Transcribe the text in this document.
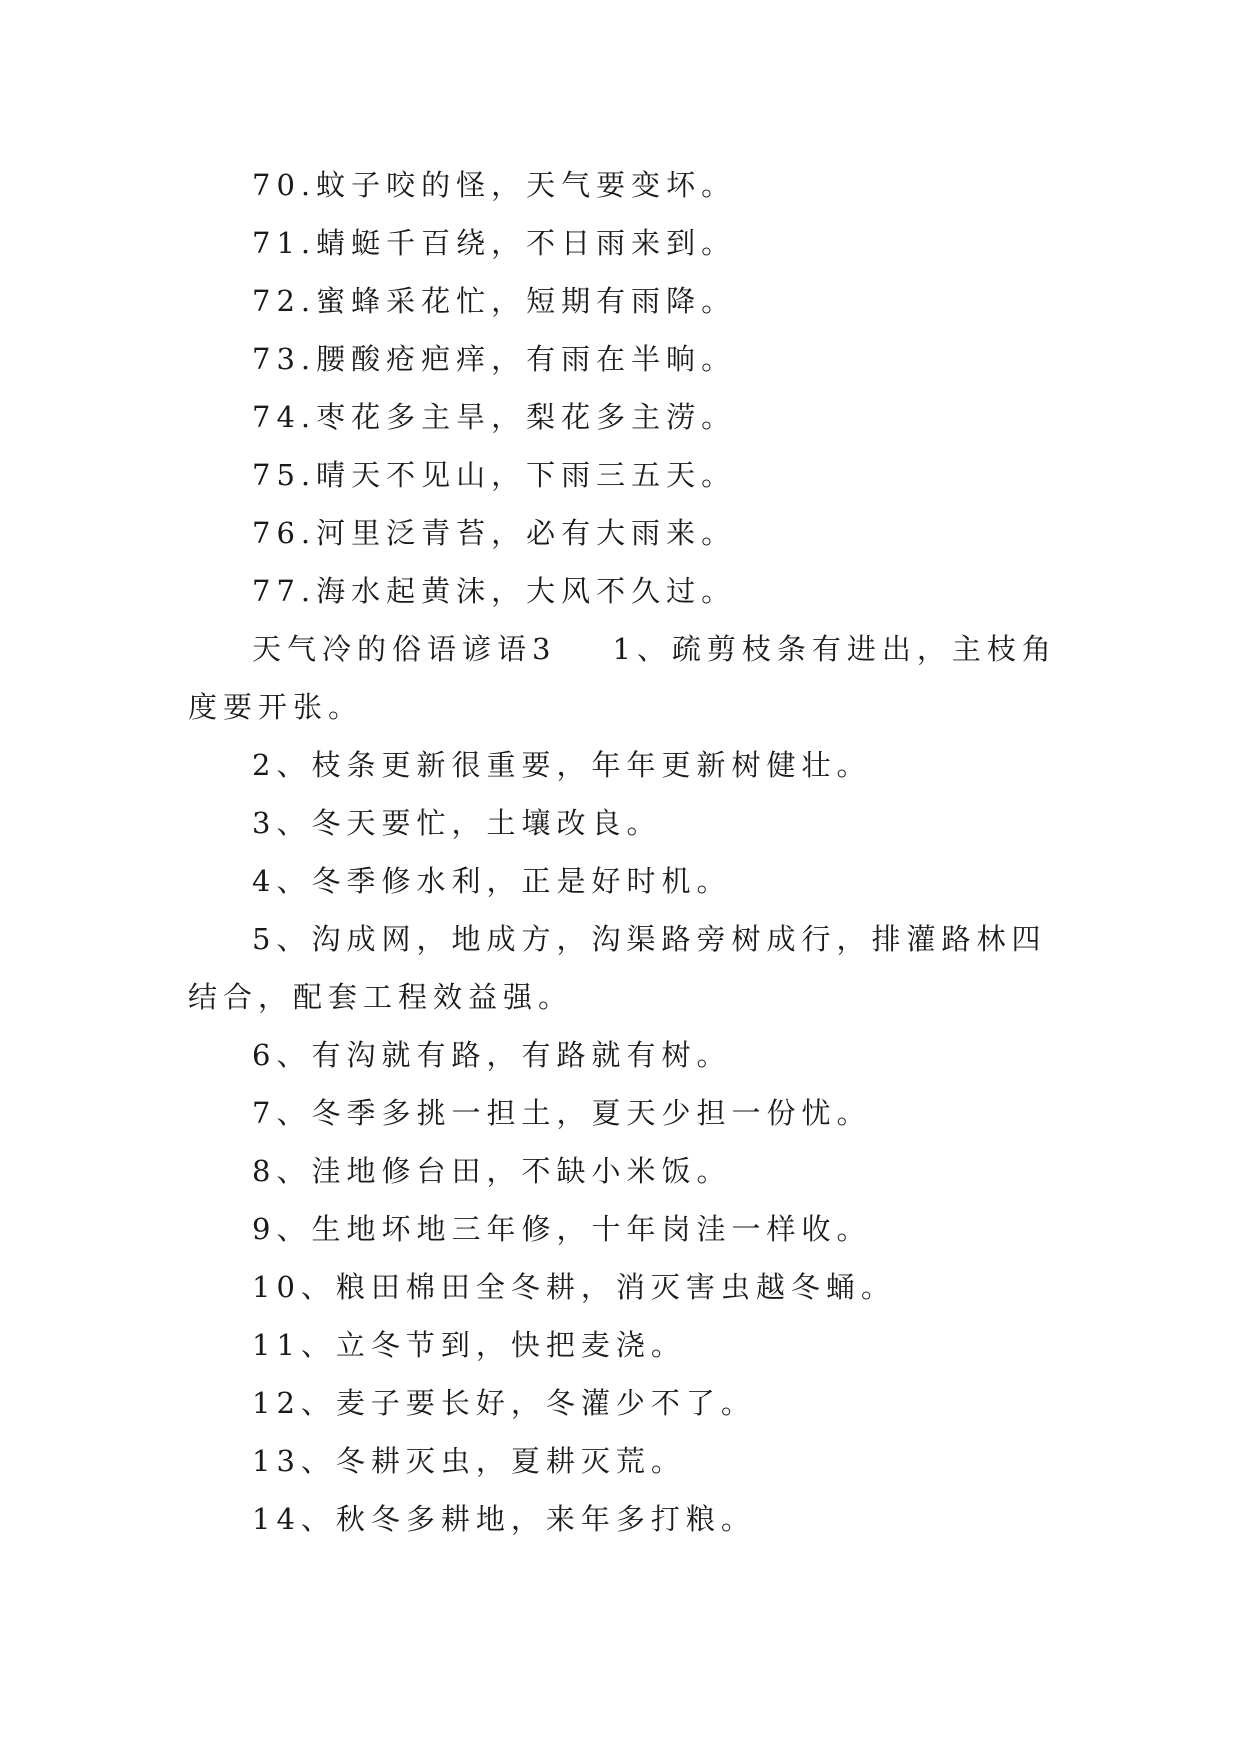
70.蚊子咬的怪，天气要变坏。

71.蜻蜓千百绕，不日雨来到。

72.蜜蜂采花忙，短期有雨降。

73.腰酸疮疤痒，有雨在半晌。

74.枣花多主旱，梨花多主涝。

75.晴天不见山，下雨三五天。

76.河里泛青苔，必有大雨来。

77.海水起黄沫，大风不久过。

天气冷的俗语谚语3 1、疏剪枝条有进出，主枝角度要开张。

2、枝条更新很重要，年年更新树健壮。

3、冬天要忙，土壤改良。

4、冬季修水利，正是好时机。

5、沟成网，地成方，沟渠路旁树成行，排灌路林四结合，配套工程效益强。

6、有沟就有路，有路就有树。

7、冬季多挑一担土，夏天少担一份忧。

8、洼地修台田，不缺小米饭。

9、生地坏地三年修，十年岗洼一样收。

10、粮田棉田全冬耕，消灭害虫越冬蛹。

11、立冬节到，快把麦浇。

12、麦子要长好，冬灌少不了。

13、冬耕灭虫，夏耕灭荒。

14、秋冬多耕地，来年多打粮。
